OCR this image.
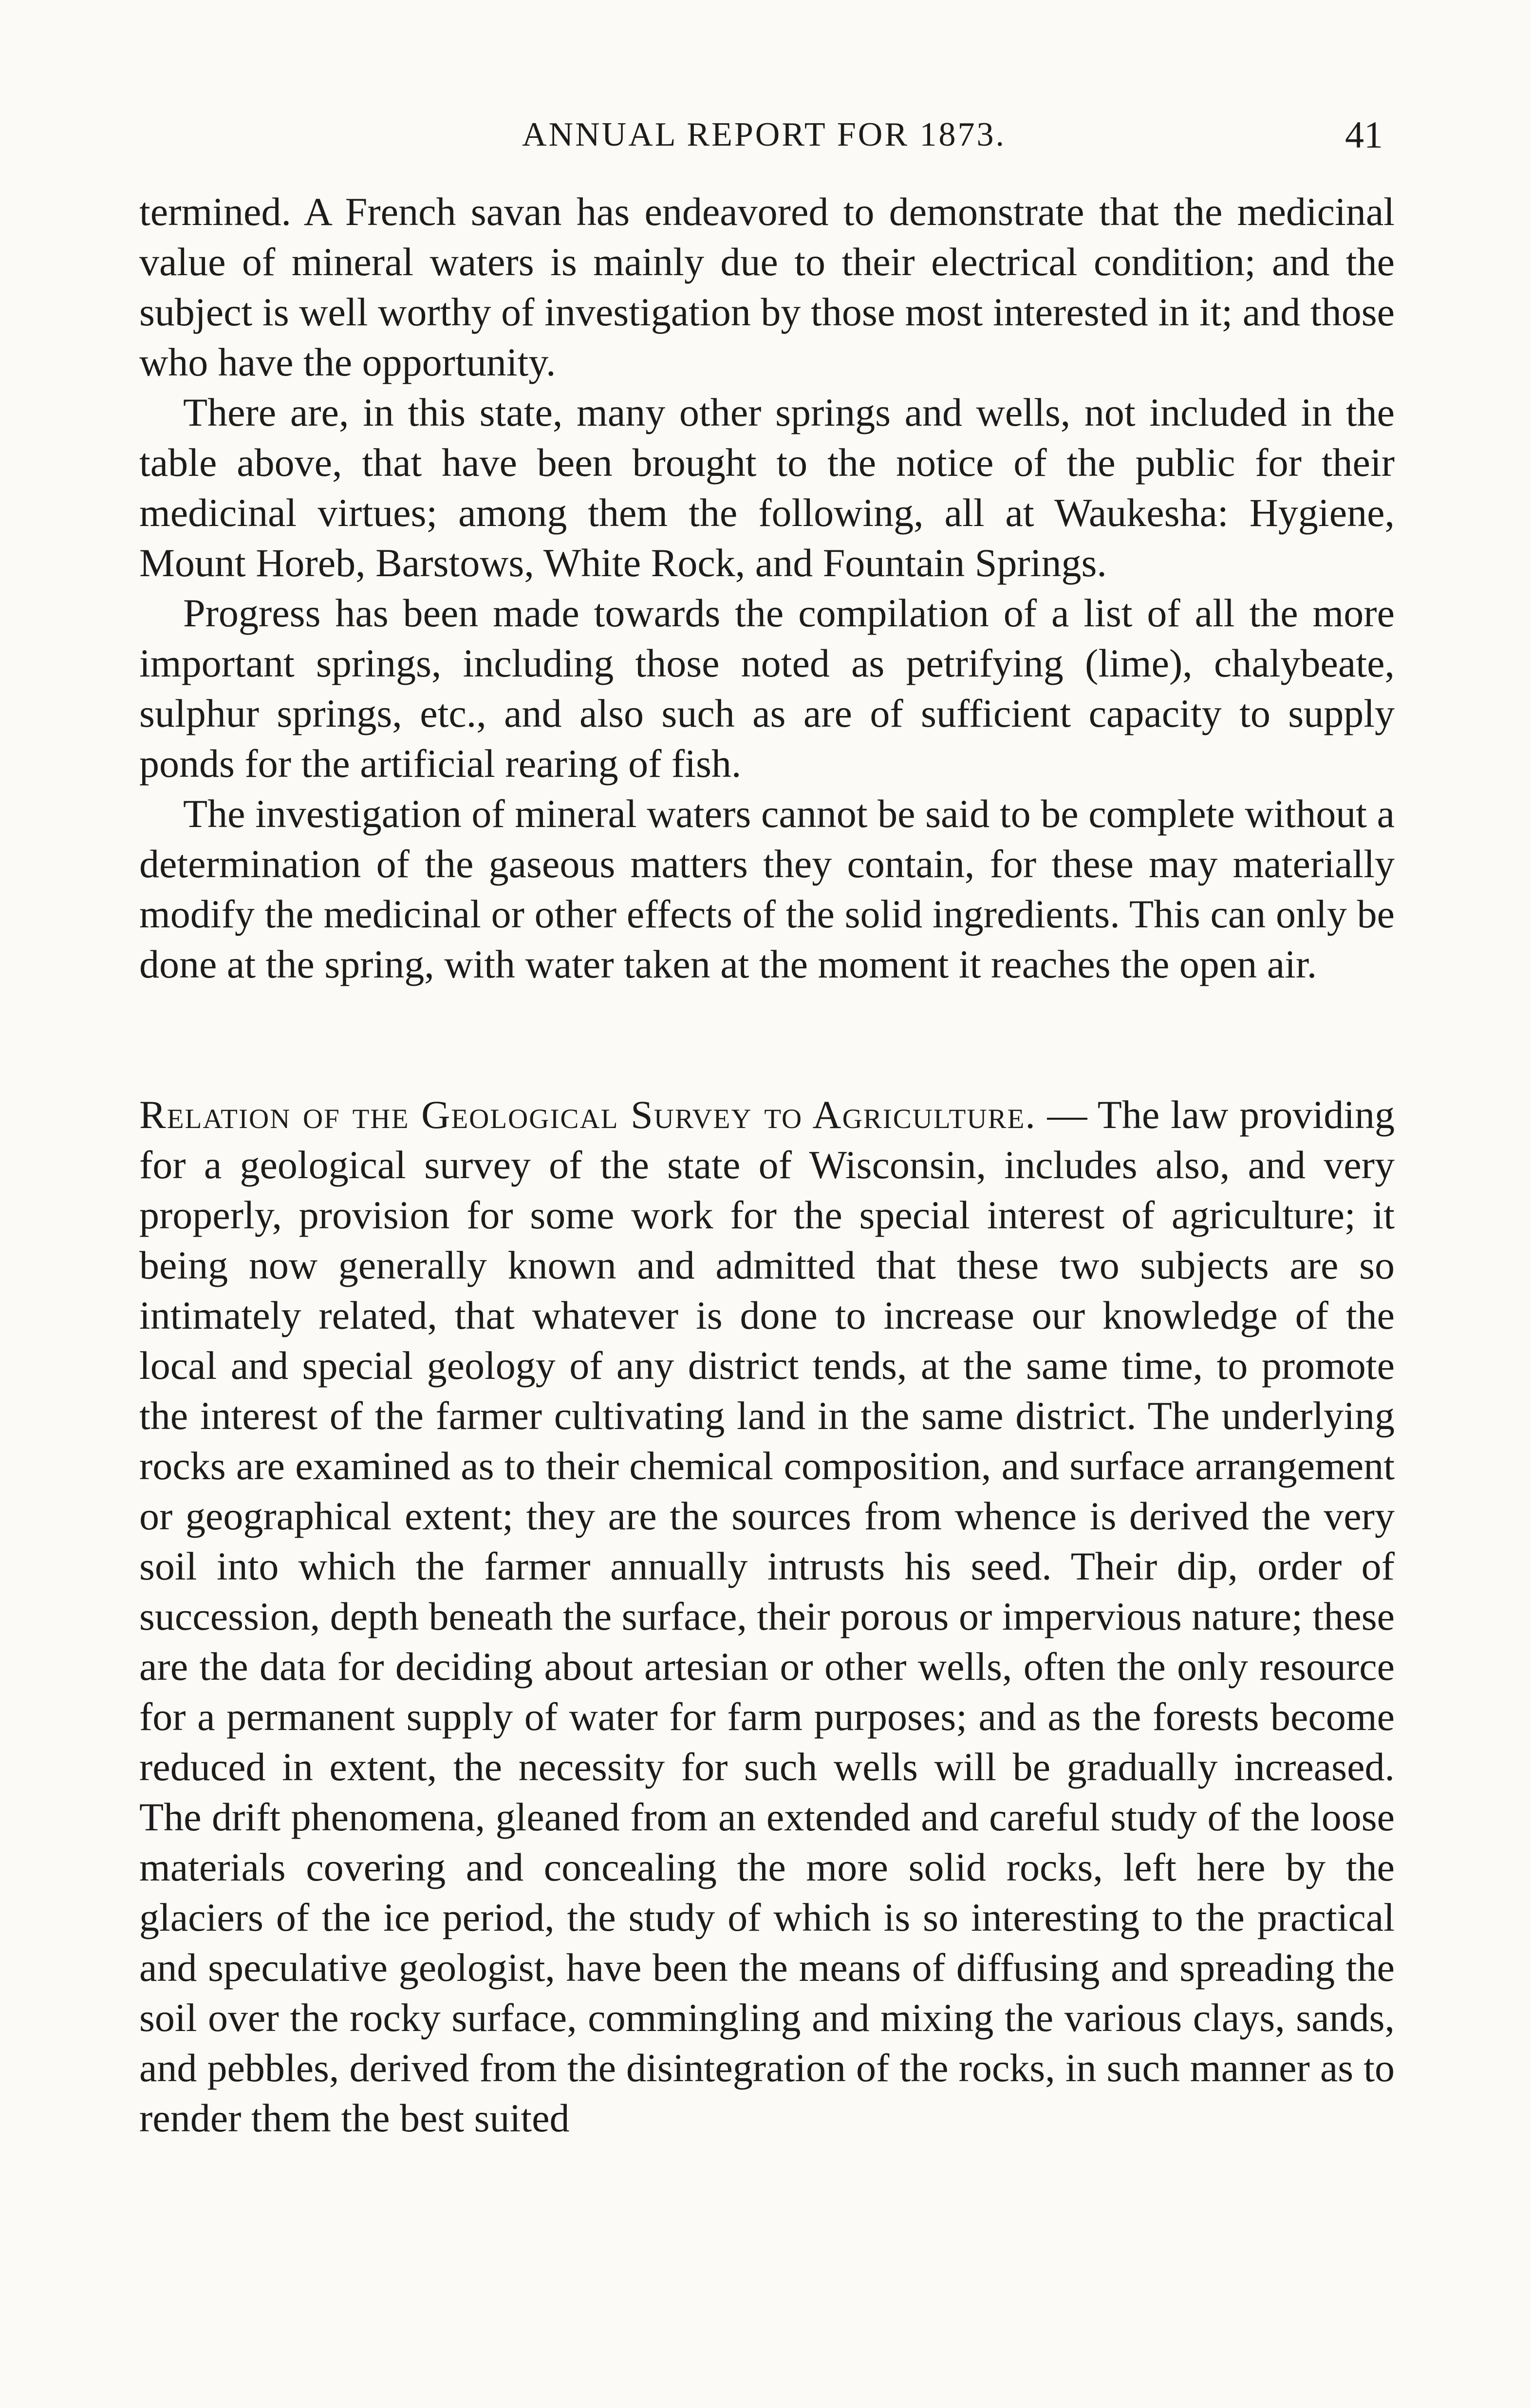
ANNUAL REPORT FOR 1873.	41

termined. A French savan has endeavored to demonstrate that the medicinal value of mineral waters is mainly due to their electrical condition; and the subject is well worthy of investigation by those most interested in it; and those who have the opportunity.

There are, in this state, many other springs and wells, not included in the table above, that have been brought to the notice of the public for their medicinal virtues; among them the following, all at Waukesha: Hygiene, Mount Horeb, Barstows, White Rock, and Fountain Springs.

Progress has been made towards the compilation of a list of all the more important springs, including those noted as petrifying (lime), chalybeate, sulphur springs, etc., and also such as are of sufficient capacity to supply ponds for the artificial rearing of fish.

The investigation of mineral waters cannot be said to be complete without a determination of the gaseous matters they contain, for these may materially modify the medicinal or other effects of the solid ingredients. This can only be done at the spring, with water taken at the moment it reaches the open air.

Relation of the Geological Survey to Agriculture. — The law providing for a geological survey of the state of Wisconsin, includes also, and very properly, provision for some work for the special interest of agriculture; it being now generally known and admitted that these two subjects are so intimately related, that whatever is done to increase our knowledge of the local and special geology of any district tends, at the same time, to promote the interest of the farmer cultivating land in the same district. The underlying rocks are examined as to their chemical composition, and surface arrangement or geographical extent; they are the sources from whence is derived the very soil into which the farmer annually intrusts his seed. Their dip, order of succession, depth beneath the surface, their porous or impervious nature; these are the data for deciding about artesian or other wells, often the only resource for a permanent supply of water for farm purposes; and as the forests become reduced in extent, the necessity for such wells will be gradually increased. The drift phenomena, gleaned from an extended and careful study of the loose materials covering and concealing the more solid rocks, left here by the glaciers of the ice period, the study of which is so interesting to the practical and speculative geologist, have been the means of diffusing and spreading the soil over the rocky surface, commingling and mixing the various clays, sands, and pebbles, derived from the disintegration of the rocks, in such manner as to render them the best suited
